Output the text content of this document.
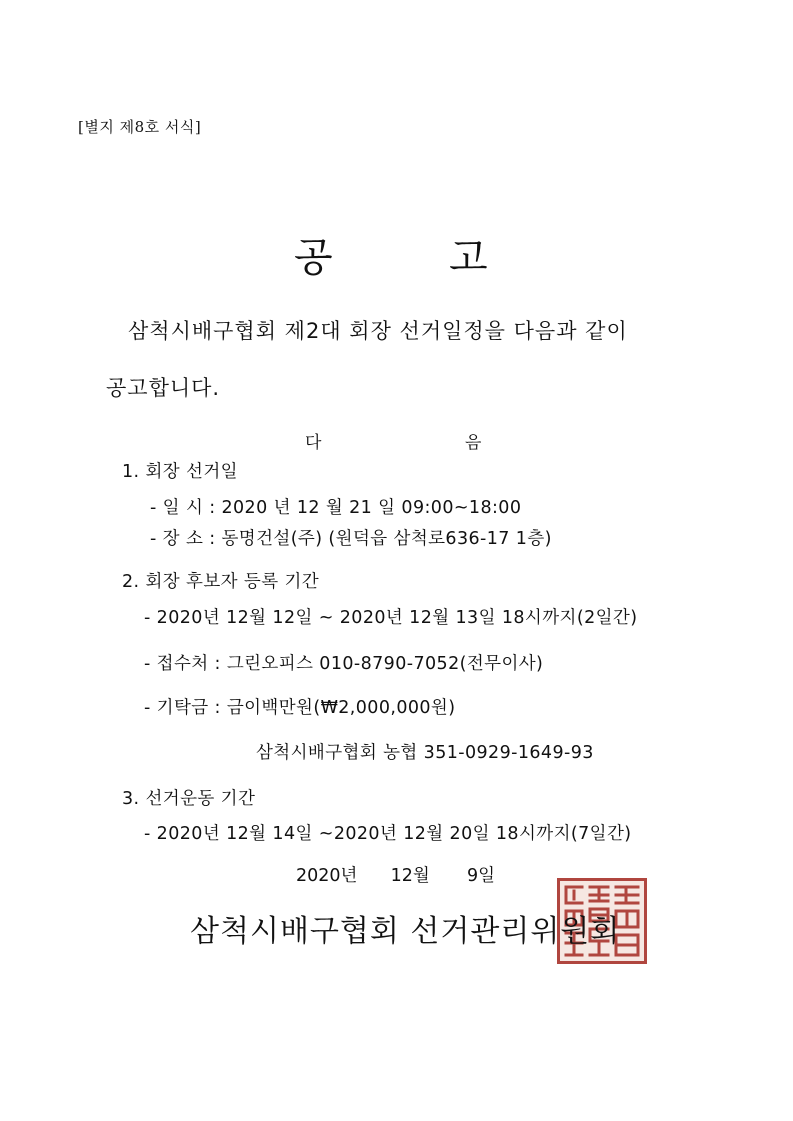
[별지 제8호 서식]
공	고
삼척시배구협회 제2대 회장 선거일정을 다음과 같이
공고합니다.
다	음
1. 회장 선거일
- 일 시 : 2020 년 12 월 21 일 09:00~18:00
- 장 소 : 동명건설(주) (원덕읍 삼척로636-17 1층)
2. 회장 후보자 등록 기간
- 2020년 12월 12일 ~ 2020년 12월 13일 18시까지(2일간)
- 접수처 : 그린오피스 010-8790-7052(전무이사)
- 기탁금 : 금이백만원(₩2,000,000원)
삼척시배구협회 농협 351-0929-1649-93
3. 선거운동 기간
- 2020년 12월 14일 ~2020년 12월 20일 18시까지(7일간)
2020년 12월 9일
삼척시배구협회 선거관리위원회
